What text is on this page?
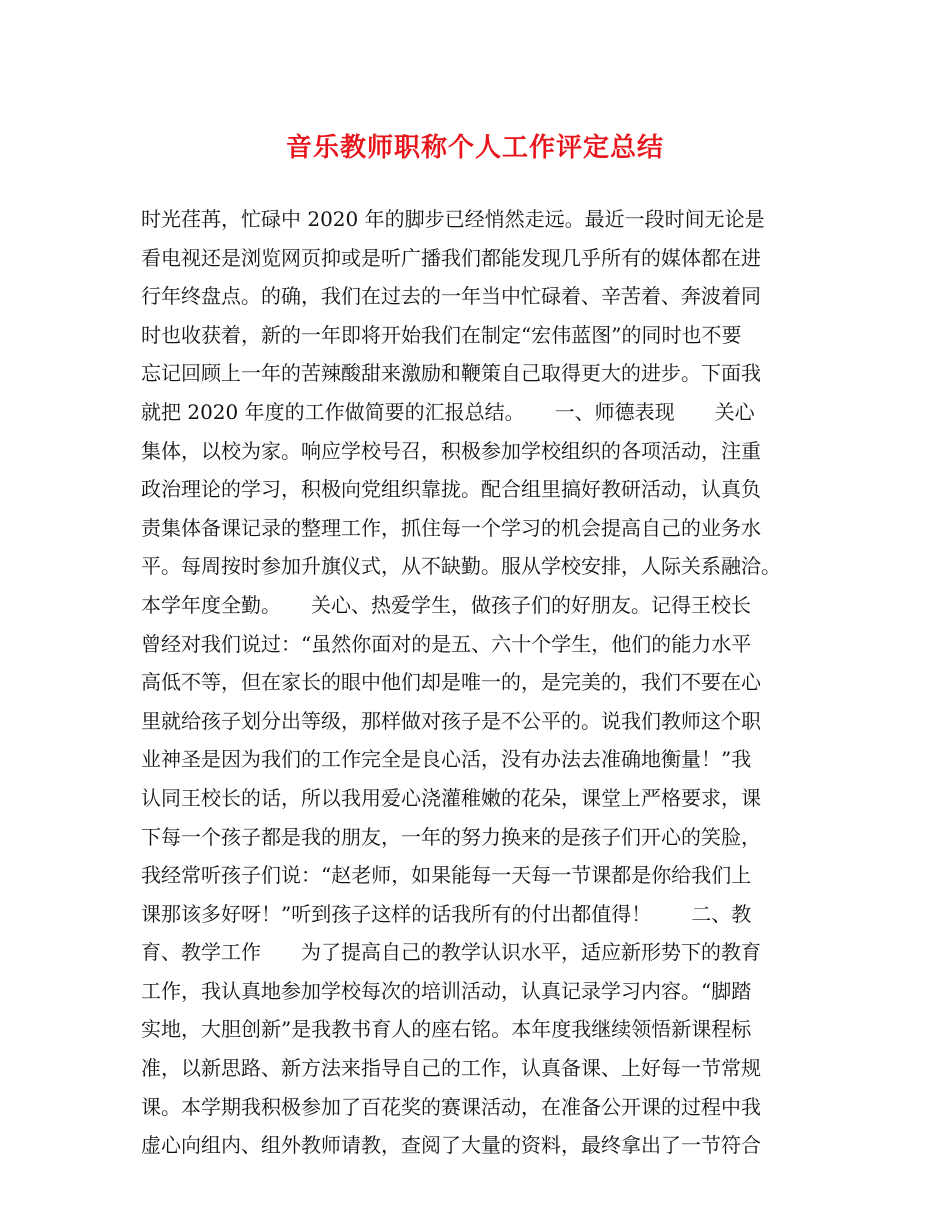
音乐教师职称个人工作评定总结
时光荏苒，忙碌中 2020 年的脚步已经悄然走远。最近一段时间无论是
看电视还是浏览网页抑或是听广播我们都能发现几乎所有的媒体都在进
行年终盘点。的确，我们在过去的一年当中忙碌着、辛苦着、奔波着同
时也收获着，新的一年即将开始我们在制定“宏伟蓝图”的同时也不要
忘记回顾上一年的苦辣酸甜来激励和鞭策自己取得更大的进步。下面我
就把 2020 年度的工作做简要的汇报总结。　　一、师德表现　　关心
集体，以校为家。响应学校号召，积极参加学校组织的各项活动，注重
政治理论的学习，积极向党组织靠拢。配合组里搞好教研活动，认真负
责集体备课记录的整理工作，抓住每一个学习的机会提高自己的业务水
平。每周按时参加升旗仪式，从不缺勤。服从学校安排，人际关系融洽。
本学年度全勤。　　关心、热爱学生，做孩子们的好朋友。记得王校长
曾经对我们说过：“虽然你面对的是五、六十个学生，他们的能力水平
高低不等，但在家长的眼中他们却是唯一的，是完美的，我们不要在心
里就给孩子划分出等级，那样做对孩子是不公平的。说我们教师这个职
业神圣是因为我们的工作完全是良心活，没有办法去准确地衡量！”我
认同王校长的话，所以我用爱心浇灌稚嫩的花朵，课堂上严格要求，课
下每一个孩子都是我的朋友，一年的努力换来的是孩子们开心的笑脸，
我经常听孩子们说：“赵老师，如果能每一天每一节课都是你给我们上
课那该多好呀！”听到孩子这样的话我所有的付出都值得！　　二、教
育、教学工作　　为了提高自己的教学认识水平，适应新形势下的教育
工作，我认真地参加学校每次的培训活动，认真记录学习内容。“脚踏
实地，大胆创新”是我教书育人的座右铭。本年度我继续领悟新课程标
准，以新思路、新方法来指导自己的工作，认真备课、上好每一节常规
课。本学期我积极参加了百花奖的赛课活动，在准备公开课的过程中我
虚心向组内、组外教师请教，查阅了大量的资料，最终拿出了一节符合
